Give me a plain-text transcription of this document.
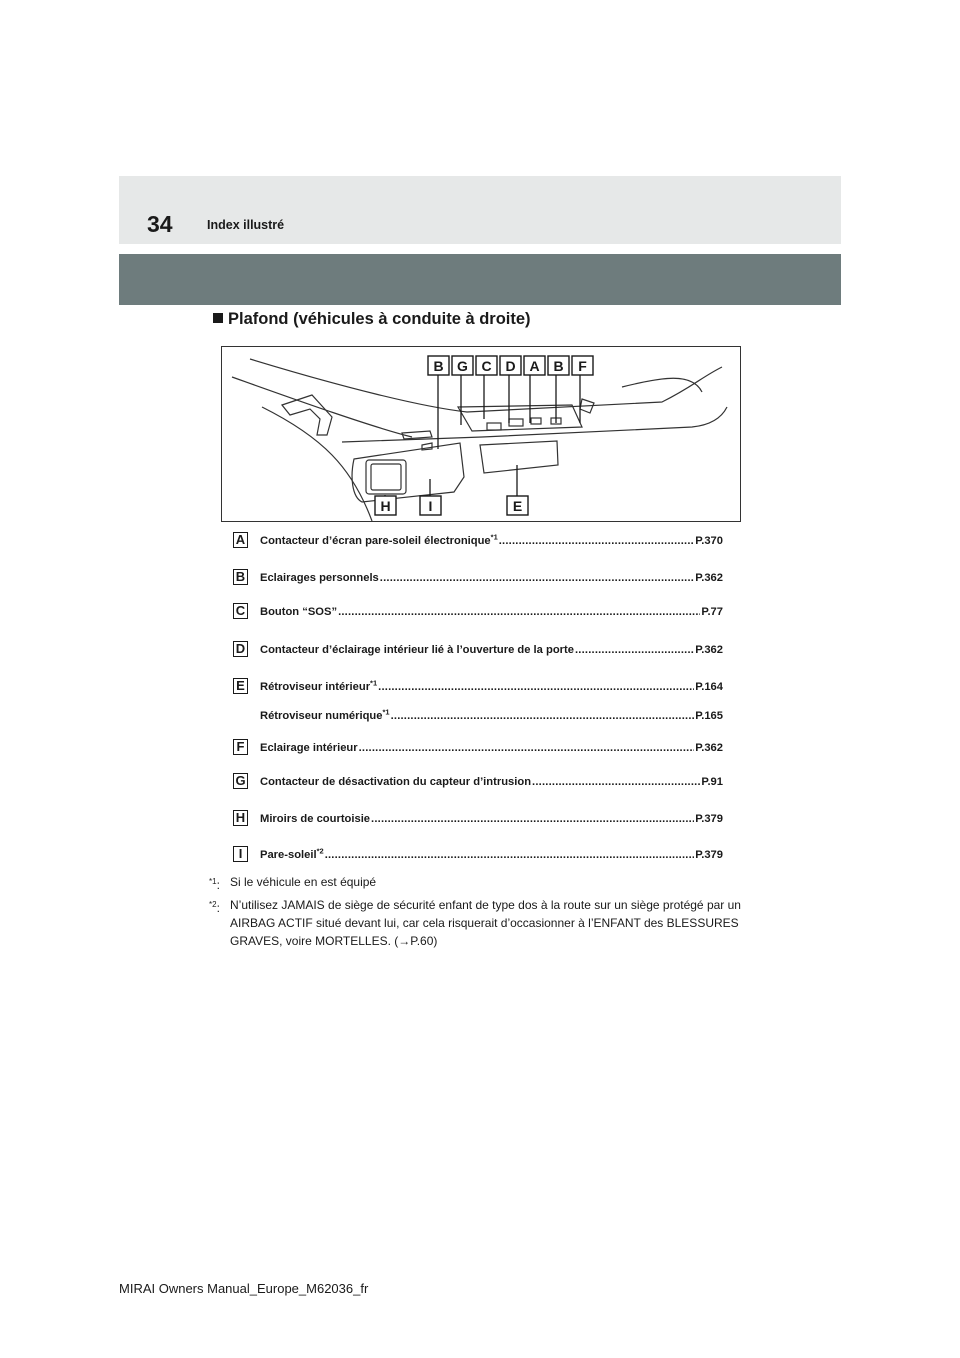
34	Index illustré
Plafond (véhicules à conduite à droite)
B G C D A B F
H	I	E
A Contacteur d’écran pare-soleil électronique$^{*1}$ .....	P.370
B Eclairages personnels .....	P.362
C Bouton “SOS” .....	P.77
D Contacteur d’éclairage intérieur lié à l’ouverture de la porte .....	P.362
E Rétroviseur intérieur$^{*1}$ .....	P.164
Rétroviseur numérique$^{*1}$ .....	P.165
F	Eclairage intérieur .....	P.362
G Contacteur de désactivation du capteur d’intrusion .....	P.91
H Miroirs de courtoisie .....	P.379
I	Pare-soleil$^{*2}$ .....	P.379
$^{*1}$: Si le véhicule en est équipé
$^{*2}$: N’utilisez JAMAIS de siège de sécurité enfant de type dos à la route sur un siège protégé par un AIRBAG ACTIF situé devant lui, car cela risquerait d’occasionner à l’ENFANT des BLESSURES GRAVES, voire MORTELLES. (→P.60)
MIRAI Owners Manual_Europe_M62036_fr
